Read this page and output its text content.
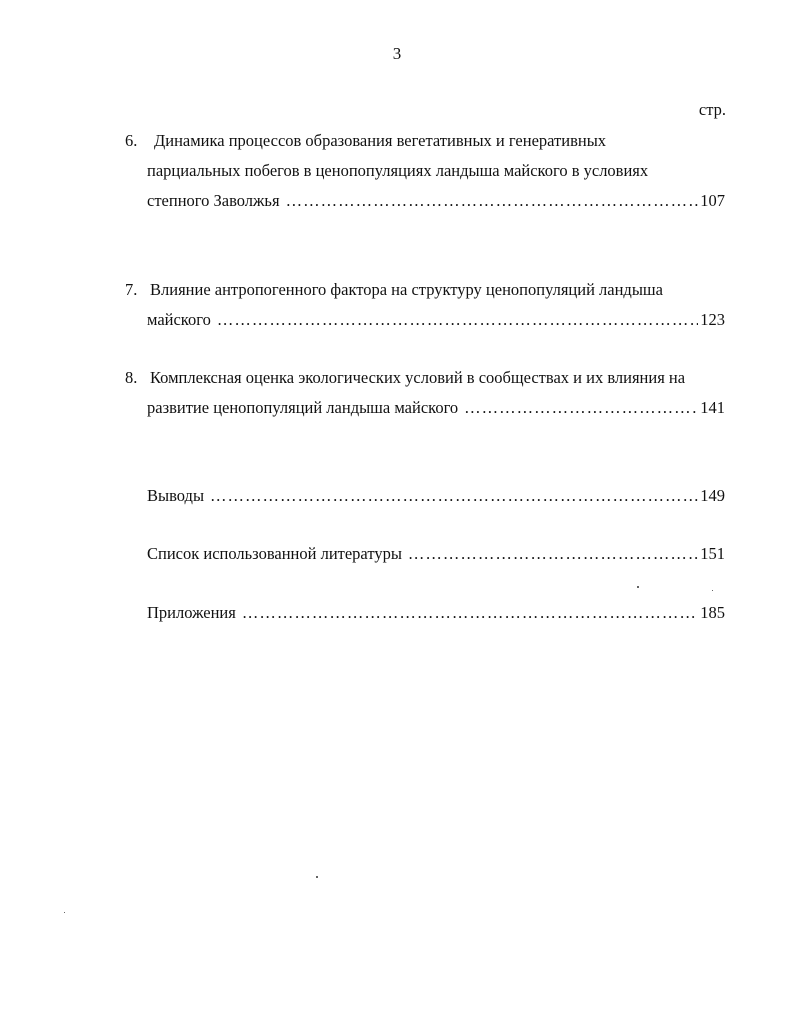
3
стр.
6.	Динамика процессов образования вегетативных и генеративных
парциальных побегов в ценопопуляциях ландыша майского в условиях
степного Заволжья ……………………………………………………………………………………………………………………………………………………	107
7. Влияние антропогенного фактора на структуру ценопопуляций ландыша
майского ……………………………………………………………………………………………………………………………………………………	123
8. Комплексная оценка экологических условий в сообществах и их влияния на
развитие ценопопуляций ландыша майского ……………………………………………………………………………………………………………………………………………………	141
Выводы ……………………………………………………………………………………………………………………………………………………	149
Список использованной литературы ……………………………………………………………………………………………………………………………………………………	151
Приложения ……………………………………………………………………………………………………………………………………………………	185
